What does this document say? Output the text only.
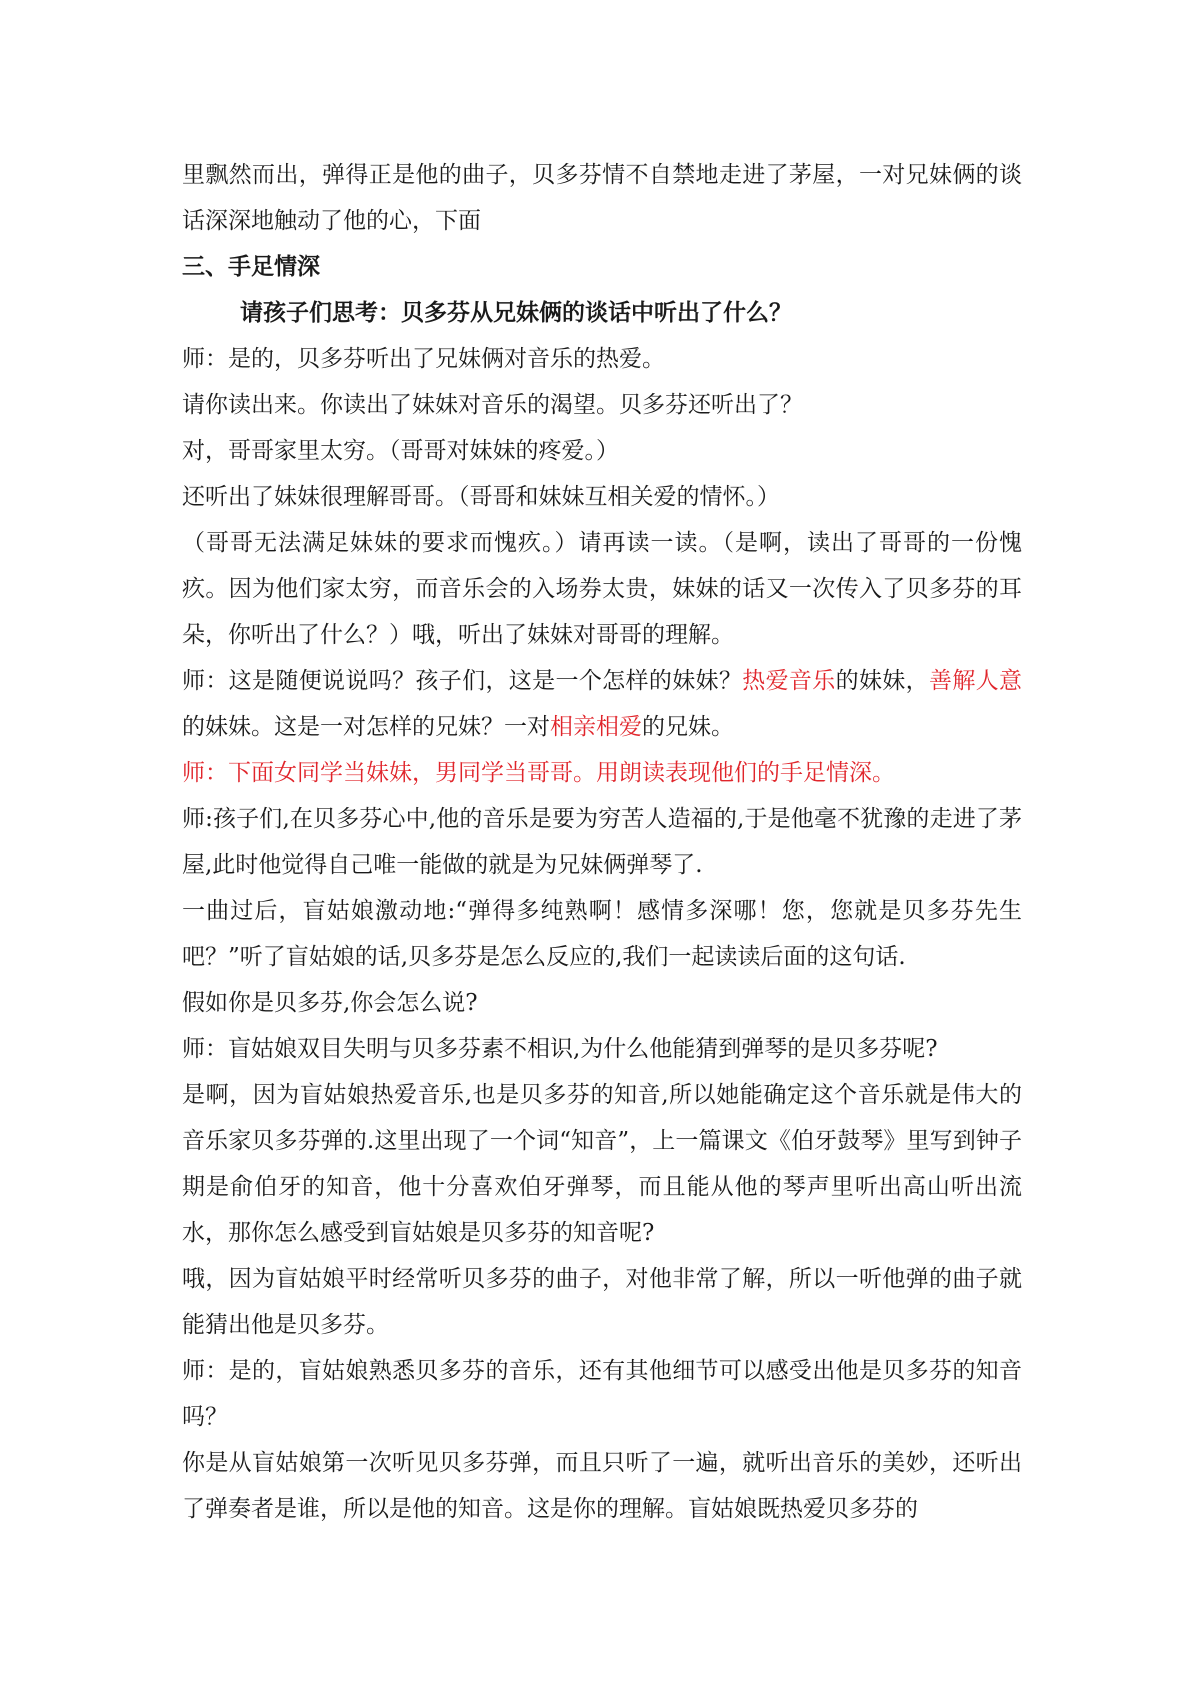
里飘然而出，弹得正是他的曲子，贝多芬情不自禁地走进了茅屋，一对兄妹俩的谈话深深地触动了他的心，下面

三、手足情深

请孩子们思考：贝多芬从兄妹俩的谈话中听出了什么？

师：是的，贝多芬听出了兄妹俩对音乐的热爱。

请你读出来。你读出了妹妹对音乐的渴望。贝多芬还听出了？

对，哥哥家里太穷。（哥哥对妹妹的疼爱。）

还听出了妹妹很理解哥哥。（哥哥和妹妹互相关爱的情怀。）

（哥哥无法满足妹妹的要求而愧疚。）请再读一读。（是啊，读出了哥哥的一份愧疚。因为他们家太穷，而音乐会的入场券太贵，妹妹的话又一次传入了贝多芬的耳朵，你听出了什么？）哦，听出了妹妹对哥哥的理解。

师：这是随便说说吗？孩子们，这是一个怎样的妹妹？热爱音乐的妹妹，善解人意的妹妹。这是一对怎样的兄妹？一对相亲相爱的兄妹。

师：下面女同学当妹妹，男同学当哥哥。用朗读表现他们的手足情深。

师:孩子们,在贝多芬心中,他的音乐是要为穷苦人造福的,于是他毫不犹豫的走进了茅屋,此时他觉得自己唯一能做的就是为兄妹俩弹琴了.

一曲过后，盲姑娘激动地:“弹得多纯熟啊！感情多深哪！您，您就是贝多芬先生吧？”听了盲姑娘的话,贝多芬是怎么反应的,我们一起读读后面的这句话.

假如你是贝多芬,你会怎么说?

师：盲姑娘双目失明与贝多芬素不相识,为什么他能猜到弹琴的是贝多芬呢?

是啊，因为盲姑娘热爱音乐,也是贝多芬的知音,所以她能确定这个音乐就是伟大的音乐家贝多芬弹的.这里出现了一个词“知音”，上一篇课文《伯牙鼓琴》里写到钟子期是俞伯牙的知音，他十分喜欢伯牙弹琴，而且能从他的琴声里听出高山听出流水，那你怎么感受到盲姑娘是贝多芬的知音呢?

哦，因为盲姑娘平时经常听贝多芬的曲子，对他非常了解，所以一听他弹的曲子就能猜出他是贝多芬。

师：是的，盲姑娘熟悉贝多芬的音乐，还有其他细节可以感受出他是贝多芬的知音吗？

你是从盲姑娘第一次听见贝多芬弹，而且只听了一遍，就听出音乐的美妙，还听出了弹奏者是谁，所以是他的知音。这是你的理解。盲姑娘既热爱贝多芬的
